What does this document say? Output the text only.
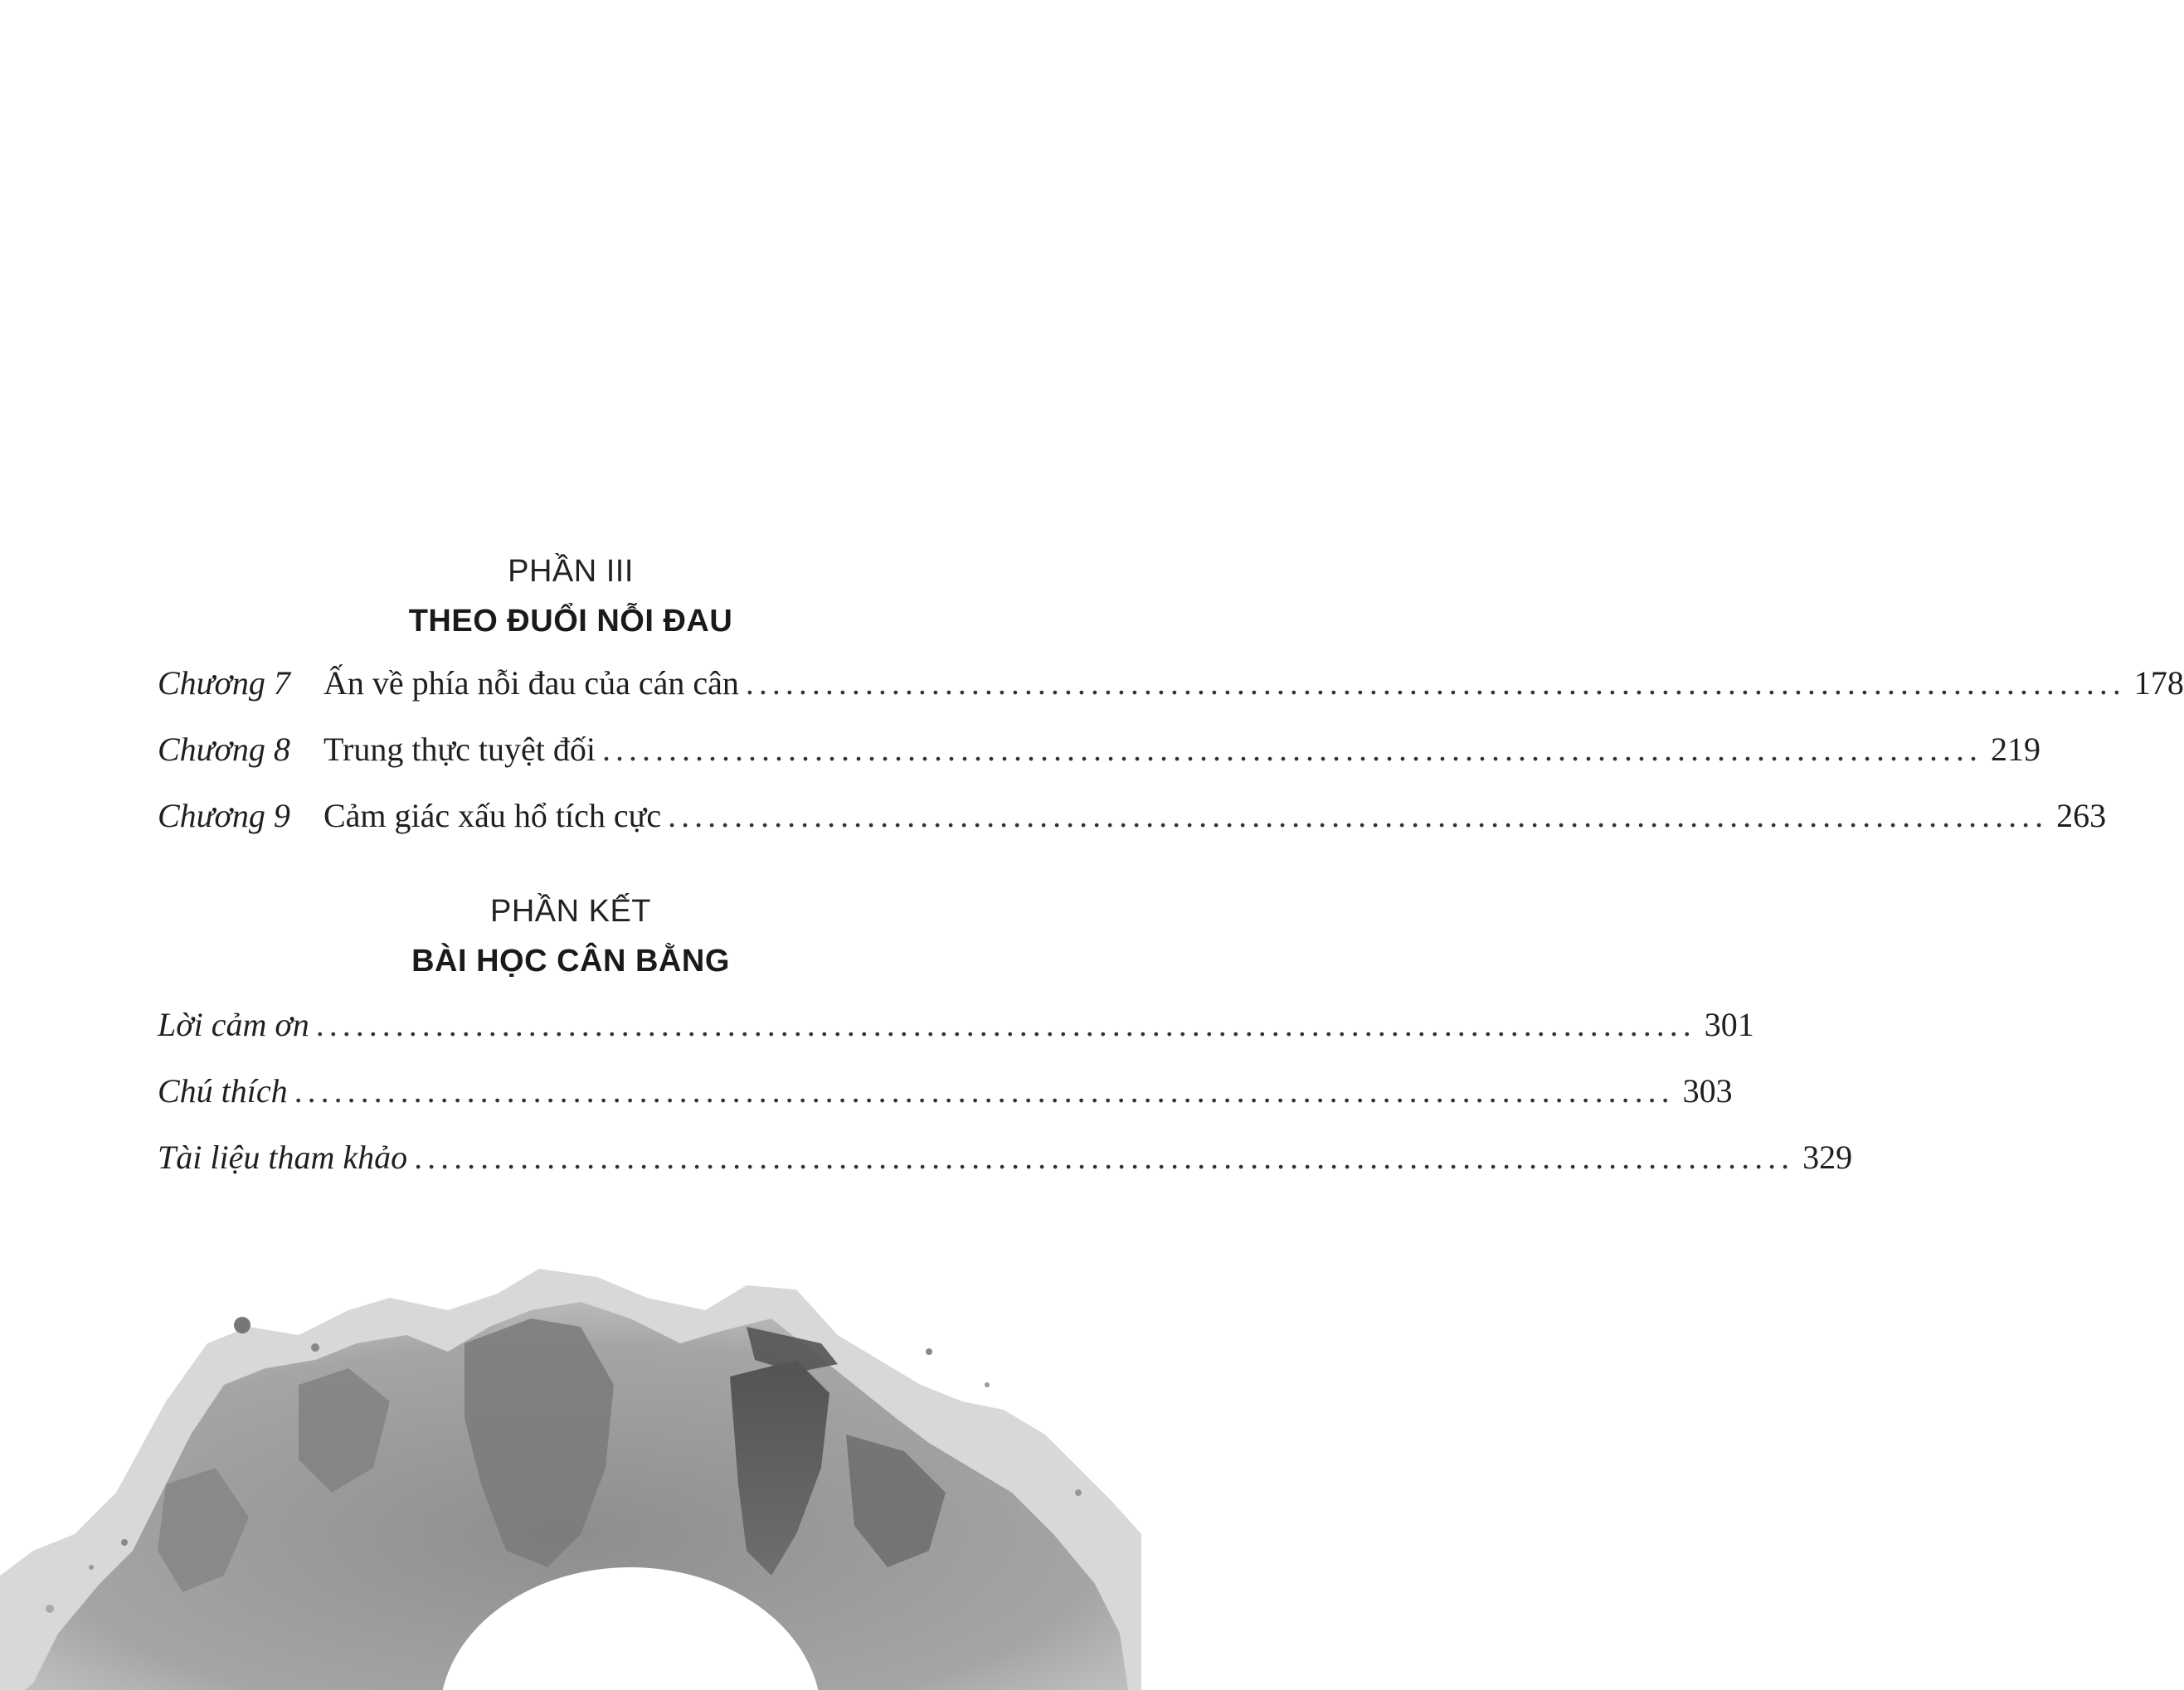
PHẦN III
THEO ĐUỔI NỖI ĐAU
Chương 7	Ấn về phía nỗi đau của cán cân ........................................................................................................ 178
Chương 8	Trung thực tuyệt đối ........................................................................................................ 219
Chương 9	Cảm giác xấu hổ tích cực ........................................................................................................ 263
PHẦN KẾT
BÀI HỌC CÂN BẰNG
Lời cảm ơn ........................................................................................................ 301
Chú thích ........................................................................................................ 303
Tài liệu tham khảo ........................................................................................................ 329
